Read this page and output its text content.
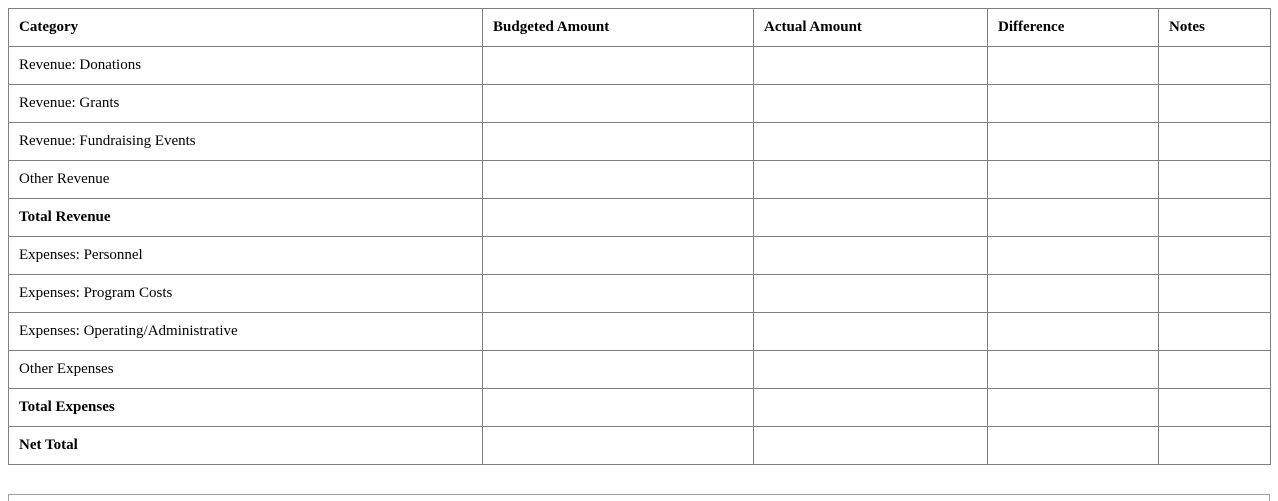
Category	Budgeted Amount	Actual Amount	Difference	Notes
Revenue: Donations				
Revenue: Grants				
Revenue: Fundraising Events				
Other Revenue				
Total Revenue				
Expenses: Personnel				
Expenses: Program Costs				
Expenses: Operating/Administrative				
Other Expenses				
Total Expenses				
Net Total				
